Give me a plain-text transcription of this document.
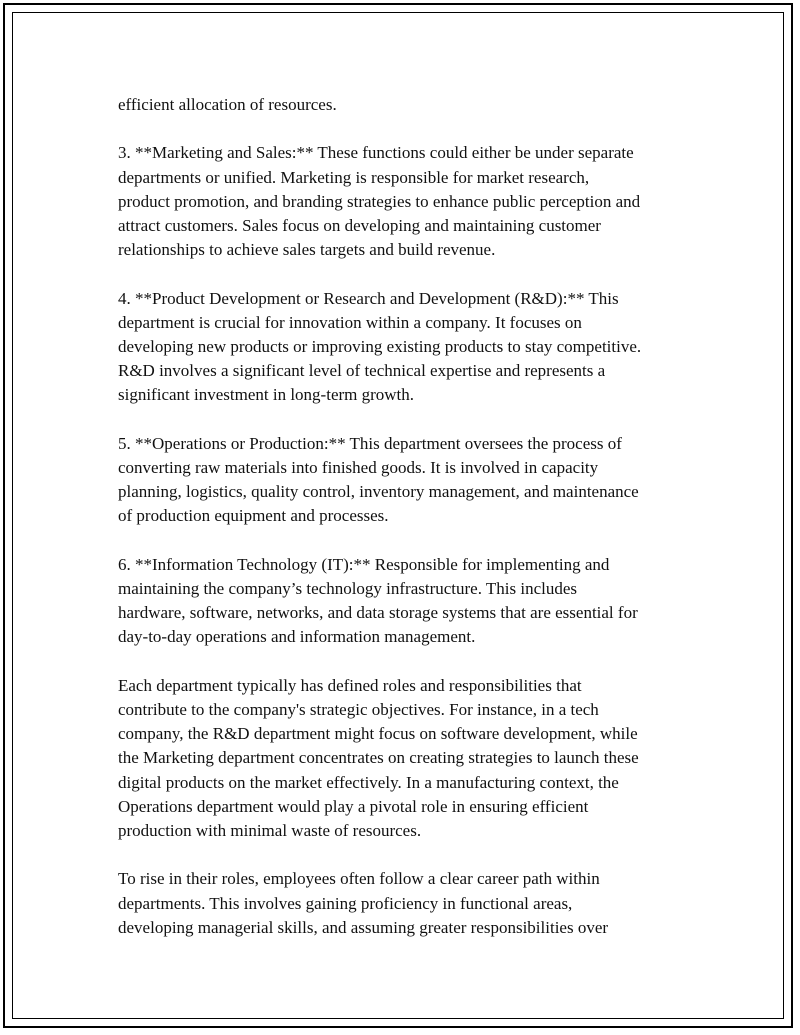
efficient allocation of resources.

3. **Marketing and Sales:** These functions could either be under separate
departments or unified. Marketing is responsible for market research,
product promotion, and branding strategies to enhance public perception and
attract customers. Sales focus on developing and maintaining customer
relationships to achieve sales targets and build revenue.

4. **Product Development or Research and Development (R&D):** This
department is crucial for innovation within a company. It focuses on
developing new products or improving existing products to stay competitive.
R&D involves a significant level of technical expertise and represents a
significant investment in long-term growth.

5. **Operations or Production:** This department oversees the process of
converting raw materials into finished goods. It is involved in capacity
planning, logistics, quality control, inventory management, and maintenance
of production equipment and processes.

6. **Information Technology (IT):** Responsible for implementing and
maintaining the company’s technology infrastructure. This includes
hardware, software, networks, and data storage systems that are essential for
day-to-day operations and information management.

Each department typically has defined roles and responsibilities that
contribute to the company's strategic objectives. For instance, in a tech
company, the R&D department might focus on software development, while
the Marketing department concentrates on creating strategies to launch these
digital products on the market effectively. In a manufacturing context, the
Operations department would play a pivotal role in ensuring efficient
production with minimal waste of resources.

To rise in their roles, employees often follow a clear career path within
departments. This involves gaining proficiency in functional areas,
developing managerial skills, and assuming greater responsibilities over
